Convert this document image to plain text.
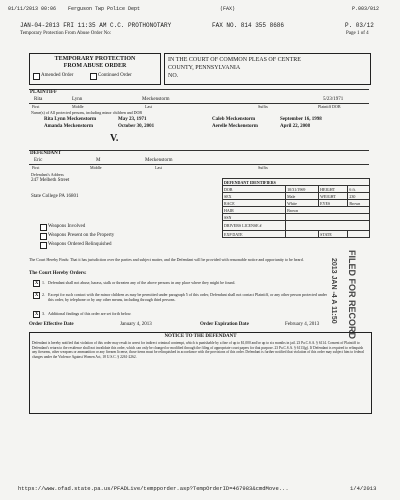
01/11/2013 00:06 Ferguson Twp Police Dept	(FAX)	P.003/012
JAN-04-2013 FRI 11:35 AM C.C. PROTHONOTARY	FAX NO. 814 355 8686	P. 03/12
Temporary Protection From Abuse Order No:	Page 1 of 4
TEMPORARY PROTECTION
FROM ABUSE ORDER
Amended Order	Continued Order
IN THE COURT OF COMMON PLEAS OF CENTRE
COUNTY, PENNSYLVANIA
NO.
PLAINTIFF
Rita	Lynn	Meckenstorm	5/23/1971
First	Middle	Last	Suffix	Plaintiff DOB
Name(s) of All protected persons, including minor children and DOB
Rita Lynn Meckenstorm	May 23, 1971	Caleb Meckenstorm	September 16, 1998
Amanda Meckenstorm	October 30, 2001	Aerelle Meckenstorm	April 22, 2008
V.
DEFENDANT
Eric	M	Meckenstorm
First	Middle	Last	Suffix
Defendant's Address
247 Melbeth Street
State College PA 16801
DEFENDANT IDENTIFIERS			
DOB	10/31/1969	HEIGHT	6 ft.
SEX	Male	WEIGHT	230
RACE	White	EYES	Brown
HAIR	Brown		
SSN			
DRIVERS LICENSE #			
EXP DATE		STATE	
Weapons Involved
Weapons Present on the Property
Weapons Ordered Relinquished
The Court Hereby Finds: That it has jurisdiction over the parties and subject matter, and the Defendant will be provided with reasonable notice and opportunity to be heard.
The Court Hereby Orders:
X 1. Defendant shall not abuse, harass, stalk or threaten any of the above persons in any place where they might be found.
X 2. Except for such contact with the minor children as may be permitted under paragraph 5 of this order, Defendant shall not contact Plaintiff, or any other person protected under this order, by telephone or by any other means, including through third persons.
X 3. Additional findings of this order are set forth below.
Order Effective Date	January 4, 2013	Order Expiration Date	February 4, 2013
NOTICE TO THE DEFENDANT
Defendant is hereby notified that violation of this order may result in arrest for indirect criminal contempt, which is punishable by a fine of up to $1,000 and/or up to six months in jail. 23 Pa.C.S.A. § 6114. Consent of Plaintiff to Defendant's return to the residence shall not invalidate this order, which can only be changed or modified through the filing of appropriate court papers for that purpose. 23 Pa.C.S.A. § 6113(g). If Defendant is required to relinquish any firearms, other weapons or ammunition or any firearm license, those items must be relinquished in accordance with the provisions of this order. Defendant is further notified that violation of this order may subject him to federal charges under the Violence Against Women Act, 18 U.S.C. § 2261-2262.
FILED FOR RECORD
2013 JAN -4 A 11:50
https://www.ofad.state.pa.us/PFADLive/tempporder.asp?TempOrderID=467983&cmdMove...	1/4/2013
